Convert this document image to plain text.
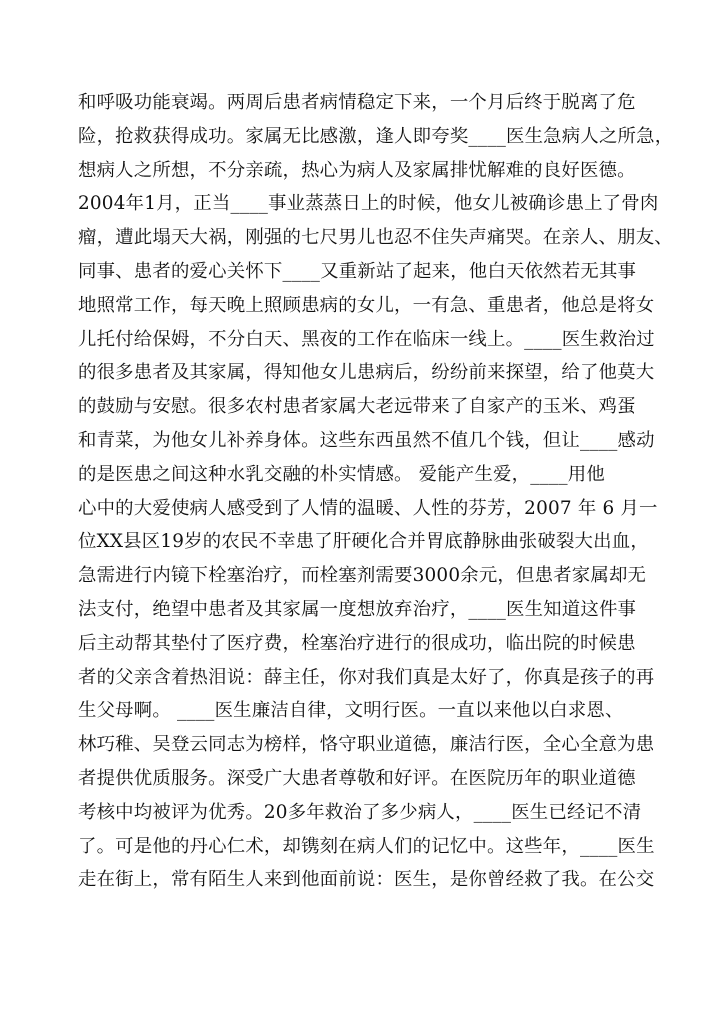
和呼吸功能衰竭。两周后患者病情稳定下来，一个月后终于脱离了危
险，抢救获得成功。家属无比感激，逢人即夸奖____医生急病人之所急，
想病人之所想，不分亲疏，热心为病人及家属排忧解难的良好医德。
2004年1月，正当____事业蒸蒸日上的时候，他女儿被确诊患上了骨肉
瘤，遭此塌天大祸，刚强的七尺男儿也忍不住失声痛哭。在亲人、朋友、
同事、患者的爱心关怀下____又重新站了起来，他白天依然若无其事
地照常工作，每天晚上照顾患病的女儿，一有急、重患者，他总是将女
儿托付给保姆，不分白天、黑夜的工作在临床一线上。____医生救治过
的很多患者及其家属，得知他女儿患病后，纷纷前来探望，给了他莫大
的鼓励与安慰。很多农村患者家属大老远带来了自家产的玉米、鸡蛋
和青菜，为他女儿补养身体。这些东西虽然不值几个钱，但让____感动
的是医患之间这种水乳交融的朴实情感。 爱能产生爱，____用他
心中的大爱使病人感受到了人情的温暖、人性的芬芳，2007 年 6 月一
位XX县区19岁的农民不幸患了肝硬化合并胃底静脉曲张破裂大出血，
急需进行内镜下栓塞治疗，而栓塞剂需要3000余元，但患者家属却无
法支付，绝望中患者及其家属一度想放弃治疗，____医生知道这件事
后主动帮其垫付了医疗费，栓塞治疗进行的很成功，临出院的时候患
者的父亲含着热泪说：薛主任，你对我们真是太好了，你真是孩子的再
生父母啊。 ____医生廉洁自律，文明行医。一直以来他以白求恩、
林巧稚、吴登云同志为榜样，恪守职业道德，廉洁行医，全心全意为患
者提供优质服务。深受广大患者尊敬和好评。在医院历年的职业道德
考核中均被评为优秀。20多年救治了多少病人，____医生已经记不清
了。可是他的丹心仁术，却镌刻在病人们的记忆中。这些年，____医生
走在街上，常有陌生人来到他面前说：医生，是你曾经救了我。在公交
